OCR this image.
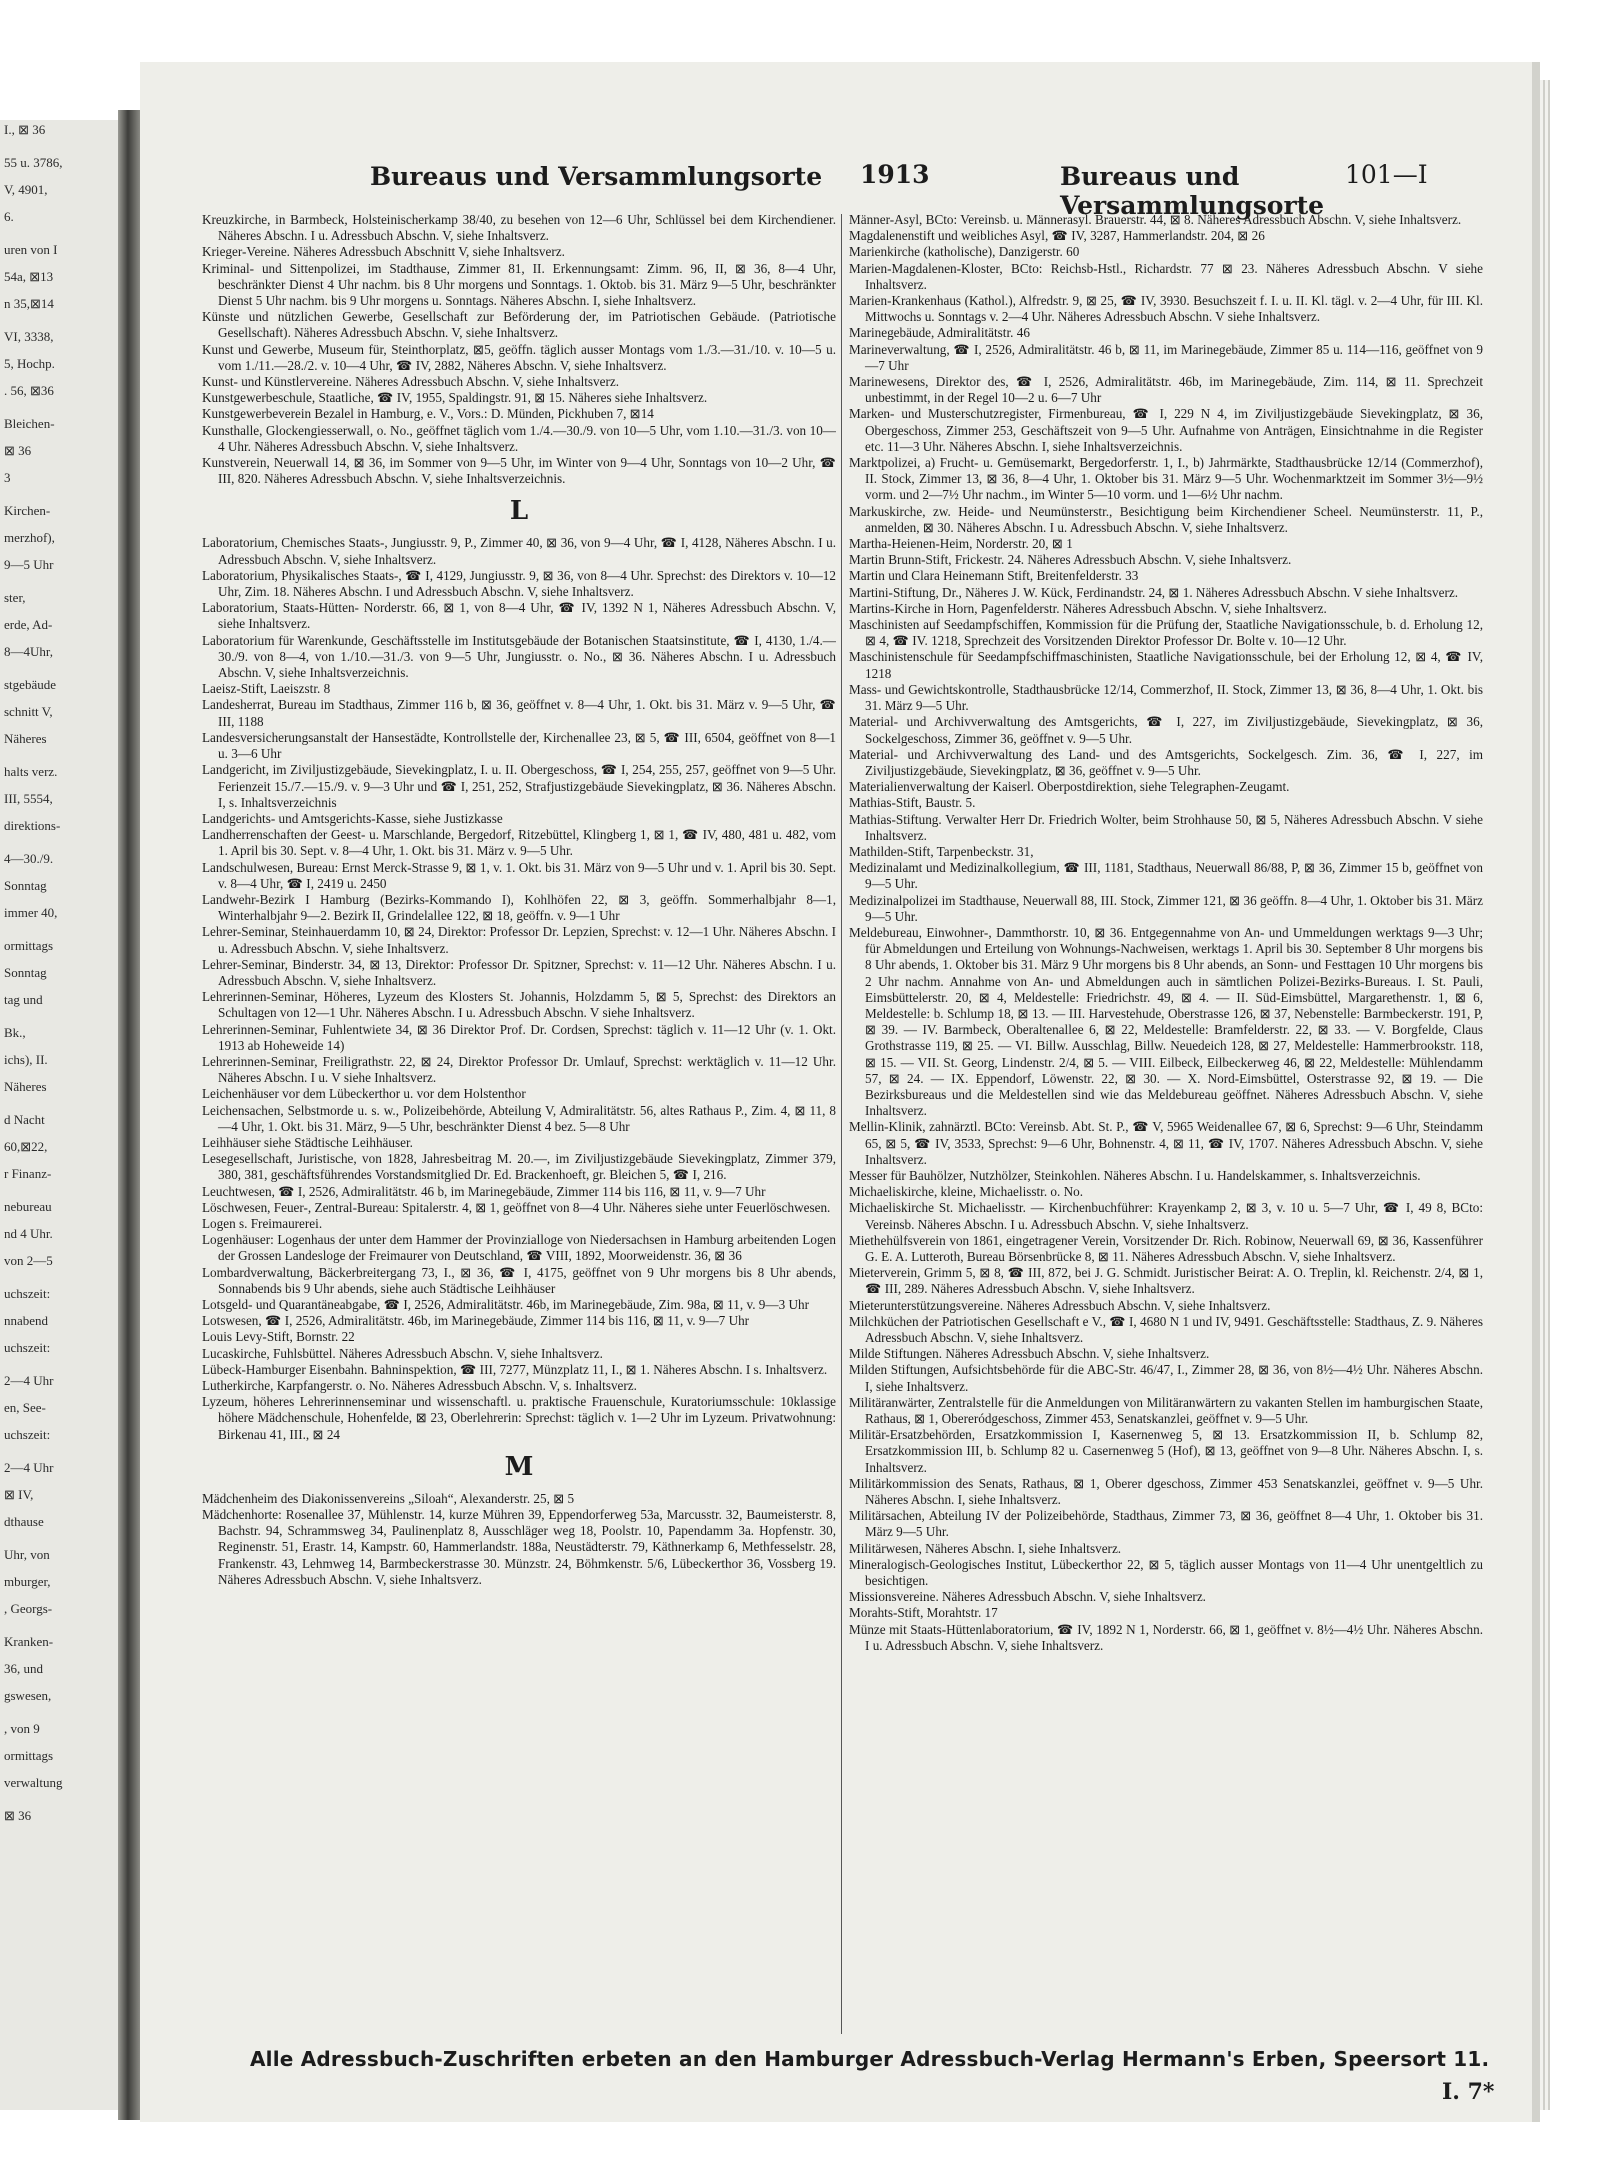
I., ⊠ 36
55 u. 3786,
V, 4901,
6.
uren von I
54a, ⊠13
n 35,⊠14
VI, 3338,
5, Hochp.
. 56, ⊠36
Bleichen-
⊠ 36
3
Kirchen-
merzhof),
9—5 Uhr
ster,
erde, Ad-
8—4Uhr,
stgebäude
schnitt V,
Näheres
halts verz.
III, 5554,
direktions-
4—30./9.
Sonntag
immer 40,
ormittags
Sonntag
tag und
Bk.,
ichs), II.
Näheres
d Nacht
60,⊠22,
r Finanz-
nebureau
nd 4 Uhr.
von 2—5
uchszeit:
nnabend
uchszeit:
2—4 Uhr
en, See-
uchszeit:
2—4 Uhr
⊠ IV,
dthause
Uhr, von
mburger,
, Georgs-
Kranken-
36, und
gswesen,
, von 9
ormittags
verwaltung
⊠ 36
Bureaus und Versammlungsorte 1913	Bureaus und Versammlungsorte
101—I
Kreuzkirche, in Barmbeck, Holsteinischerkamp 38/40, zu besehen von 12—6 Uhr, Schlüssel bei dem Kirchendiener. Näheres Abschn. I u. Adressbuch Abschn. V, siehe Inhaltsverz.
Krieger-Vereine. Näheres Adressbuch Abschnitt V, siehe Inhaltsverz.
Kriminal- und Sittenpolizei, im Stadthause, Zimmer 81, II. Erkennungsamt: Zimm. 96, II, ⊠ 36, 8—4 Uhr, beschränkter Dienst 4 Uhr nachm. bis 8 Uhr morgens und Sonntags. 1. Oktob. bis 31. März 9—5 Uhr, beschränkter Dienst 5 Uhr nachm. bis 9 Uhr morgens u. Sonntags. Näheres Abschn. I, siehe Inhaltsverz.
Künste und nützlichen Gewerbe, Gesellschaft zur Beförderung der, im Patriotischen Gebäude. (Patriotische Gesellschaft). Näheres Adressbuch Abschn. V, siehe Inhaltsverz.
Kunst und Gewerbe, Museum für, Steinthorplatz, ⊠5, geöffn. täglich ausser Montags vom 1./3.—31./10. v. 10—5 u. vom 1./11.—28./2. v. 10—4 Uhr, ☎ IV, 2882, Näheres Abschn. V, siehe Inhaltsverz.
Kunst- und Künstlervereine. Näheres Adressbuch Abschn. V, siehe Inhaltsverz.
Kunstgewerbeschule, Staatliche, ☎ IV, 1955, Spaldingstr. 91, ⊠ 15. Näheres siehe Inhaltsverz.
Kunstgewerbeverein Bezalel in Hamburg, e. V., Vors.: D. Münden, Pickhuben 7, ⊠14
Kunsthalle, Glockengiesserwall, o. No., geöffnet täglich vom 1./4.—30./9. von 10—5 Uhr, vom 1.10.—31./3. von 10—4 Uhr. Näheres Adressbuch Abschn. V, siehe Inhaltsverz.
Kunstverein, Neuerwall 14, ⊠ 36, im Sommer von 9—5 Uhr, im Winter von 9—4 Uhr, Sonntags von 10—2 Uhr, ☎ III, 820. Näheres Adressbuch Abschn. V, siehe Inhaltsverzeichnis.
L
Laboratorium, Chemisches Staats-, Jungiusstr. 9, P., Zimmer 40, ⊠ 36, von 9—4 Uhr, ☎ I, 4128, Näheres Abschn. I u. Adressbuch Abschn. V, siehe Inhaltsverz.
Laboratorium, Physikalisches Staats-, ☎ I, 4129, Jungiusstr. 9, ⊠ 36, von 8—4 Uhr. Sprechst: des Direktors v. 10—12 Uhr, Zim. 18. Näheres Abschn. I und Adressbuch Abschn. V, siehe Inhaltsverz.
Laboratorium, Staats-Hütten- Norderstr. 66, ⊠ 1, von 8—4 Uhr, ☎ IV, 1392 N 1, Näheres Adressbuch Abschn. V, siehe Inhaltsverz.
Laboratorium für Warenkunde, Geschäftsstelle im Institutsgebäude der Botanischen Staatsinstitute, ☎ I, 4130, 1./4.—30./9. von 8—4, von 1./10.—31./3. von 9—5 Uhr, Jungiusstr. o. No., ⊠ 36. Näheres Abschn. I u. Adressbuch Abschn. V, siehe Inhaltsverzeichnis.
Laeisz-Stift, Laeiszstr. 8
Landesherrat, Bureau im Stadthaus, Zimmer 116 b, ⊠ 36, geöffnet v. 8—4 Uhr, 1. Okt. bis 31. März v. 9—5 Uhr, ☎ III, 1188
Landesversicherungsanstalt der Hansestädte, Kontrollstelle der, Kirchenallee 23, ⊠ 5, ☎ III, 6504, geöffnet von 8—1 u. 3—6 Uhr
Landgericht, im Ziviljustizgebäude, Sievekingplatz, I. u. II. Obergeschoss, ☎ I, 254, 255, 257, geöffnet von 9—5 Uhr. Ferienzeit 15./7.—15./9. v. 9—3 Uhr und ☎ I, 251, 252, Strafjustizgebäude Sievekingplatz, ⊠ 36. Näheres Abschn. I, s. Inhaltsverzeichnis
Landgerichts- und Amtsgerichts-Kasse, siehe Justizkasse
Landherrenschaften der Geest- u. Marschlande, Bergedorf, Ritzebüttel, Klingberg 1, ⊠ 1, ☎ IV, 480, 481 u. 482, vom 1. April bis 30. Sept. v. 8—4 Uhr, 1. Okt. bis 31. März v. 9—5 Uhr.
Landschulwesen, Bureau: Ernst Merck-Strasse 9, ⊠ 1, v. 1. Okt. bis 31. März von 9—5 Uhr und v. 1. April bis 30. Sept. v. 8—4 Uhr, ☎ I, 2419 u. 2450
Landwehr-Bezirk I Hamburg (Bezirks-Kommando I), Kohlhöfen 22, ⊠ 3, geöffn. Sommerhalbjahr 8—1, Winterhalbjahr 9—2. Bezirk II, Grindelallee 122, ⊠ 18, geöffn. v. 9—1 Uhr
Lehrer-Seminar, Steinhauerdamm 10, ⊠ 24, Direktor: Professor Dr. Lepzien, Sprechst: v. 12—1 Uhr. Näheres Abschn. I u. Adressbuch Abschn. V, siehe Inhaltsverz.
Lehrer-Seminar, Binderstr. 34, ⊠ 13, Direktor: Professor Dr. Spitzner, Sprechst: v. 11—12 Uhr. Näheres Abschn. I u. Adressbuch Abschn. V, siehe Inhaltsverz.
Lehrerinnen-Seminar, Höheres, Lyzeum des Klosters St. Johannis, Holzdamm 5, ⊠ 5, Sprechst: des Direktors an Schultagen von 12—1 Uhr. Näheres Abschn. I u. Adressbuch Abschn. V siehe Inhaltsverz.
Lehrerinnen-Seminar, Fuhlentwiete 34, ⊠ 36 Direktor Prof. Dr. Cordsen, Sprechst: täglich v. 11—12 Uhr (v. 1. Okt. 1913 ab Hoheweide 14)
Lehrerinnen-Seminar, Freiligrathstr. 22, ⊠ 24, Direktor Professor Dr. Umlauf, Sprechst: werktäglich v. 11—12 Uhr. Näheres Abschn. I u. V siehe Inhaltsverz.
Leichenhäuser vor dem Lübeckerthor u. vor dem Holstenthor
Leichensachen, Selbstmorde u. s. w., Polizeibehörde, Abteilung V, Admiralitätstr. 56, altes Rathaus P., Zim. 4, ⊠ 11, 8—4 Uhr, 1. Okt. bis 31. März, 9—5 Uhr, beschränkter Dienst 4 bez. 5—8 Uhr
Leihhäuser siehe Städtische Leihhäuser.
Lesegesellschaft, Juristische, von 1828, Jahresbeitrag M. 20.—, im Ziviljustizgebäude Sievekingplatz, Zimmer 379, 380, 381, geschäftsführendes Vorstandsmitglied Dr. Ed. Brackenhoeft, gr. Bleichen 5, ☎ I, 216.
Leuchtwesen, ☎ I, 2526, Admiralitätstr. 46 b, im Marinegebäude, Zimmer 114 bis 116, ⊠ 11, v. 9—7 Uhr
Löschwesen, Feuer-, Zentral-Bureau: Spitalerstr. 4, ⊠ 1, geöffnet von 8—4 Uhr. Näheres siehe unter Feuerlöschwesen.
Logen s. Freimaurerei.
Logenhäuser: Logenhaus der unter dem Hammer der Provinzialloge von Niedersachsen in Hamburg arbeitenden Logen der Grossen Landesloge der Freimaurer von Deutschland, ☎ VIII, 1892, Moorweidenstr. 36, ⊠ 36
Lombardverwaltung, Bäckerbreitergang 73, I., ⊠ 36, ☎ I, 4175, geöffnet von 9 Uhr morgens bis 8 Uhr abends, Sonnabends bis 9 Uhr abends, siehe auch Städtische Leihhäuser
Lotsgeld- und Quarantäneabgabe, ☎ I, 2526, Admiralitätstr. 46b, im Marinegebäude, Zim. 98a, ⊠ 11, v. 9—3 Uhr
Lotswesen, ☎ I, 2526, Admiralitätstr. 46b, im Marinegebäude, Zimmer 114 bis 116, ⊠ 11, v. 9—7 Uhr
Louis Levy-Stift, Bornstr. 22
Lucaskirche, Fuhlsbüttel. Näheres Adressbuch Abschn. V, siehe Inhaltsverz.
Lübeck-Hamburger Eisenbahn. Bahninspektion, ☎ III, 7277, Münzplatz 11, I., ⊠ 1. Näheres Abschn. I s. Inhaltsverz.
Lutherkirche, Karpfangerstr. o. No. Näheres Adressbuch Abschn. V, s. Inhaltsverz.
Lyzeum, höheres Lehrerinnenseminar und wissenschaftl. u. praktische Frauenschule, Kuratoriumsschule: 10klassige höhere Mädchenschule, Hohenfelde, ⊠ 23, Oberlehrerin: Sprechst: täglich v. 1—2 Uhr im Lyzeum. Privatwohnung: Birkenau 41, III., ⊠ 24
M
Mädchenheim des Diakonissenvereins „Siloah“, Alexanderstr. 25, ⊠ 5
Mädchenhorte: Rosenallee 37, Mühlenstr. 14, kurze Mühren 39, Eppendorferweg 53a, Marcusstr. 32, Baumeisterstr. 8, Bachstr. 94, Schrammsweg 34, Paulinenplatz 8, Ausschläger weg 18, Poolstr. 10, Papendamm 3a. Hopfenstr. 30, Reginenstr. 51, Erastr. 14, Kampstr. 60, Hammerlandstr. 188a, Neustädterstr. 79, Käthnerkamp 6, Methfesselstr. 28, Frankenstr. 43, Lehmweg 14, Barmbeckerstrasse 30. Münzstr. 24, Böhmkenstr. 5/6, Lübeckerthor 36, Vossberg 19. Näheres Adressbuch Abschn. V, siehe Inhaltsverz.
Männer-Asyl, BCto: Vereinsb. u. Männerasyl. Brauerstr. 44, ⊠ 8. Näheres Adressbuch Abschn. V, siehe Inhaltsverz.
Magdalenenstift und weibliches Asyl, ☎ IV, 3287, Hammerlandstr. 204, ⊠ 26
Marienkirche (katholische), Danzigerstr. 60
Marien-Magdalenen-Kloster, BCto: Reichsb-Hstl., Richardstr. 77 ⊠ 23. Näheres Adressbuch Abschn. V siehe Inhaltsverz.
Marien-Krankenhaus (Kathol.), Alfredstr. 9, ⊠ 25, ☎ IV, 3930. Besuchszeit f. I. u. II. Kl. tägl. v. 2—4 Uhr, für III. Kl. Mittwochs u. Sonntags v. 2—4 Uhr. Näheres Adressbuch Abschn. V siehe Inhaltsverz.
Marinegebäude, Admiralitätstr. 46
Marineverwaltung, ☎ I, 2526, Admiralitätstr. 46 b, ⊠ 11, im Marinegebäude, Zimmer 85 u. 114—116, geöffnet von 9—7 Uhr
Marinewesens, Direktor des, ☎ I, 2526, Admiralitätstr. 46b, im Marinegebäude, Zim. 114, ⊠ 11. Sprechzeit unbestimmt, in der Regel 10—2 u. 6—7 Uhr
Marken- und Musterschutzregister, Firmenbureau, ☎ I, 229 N 4, im Ziviljustizgebäude Sievekingplatz, ⊠ 36, Obergeschoss, Zimmer 253, Geschäftszeit von 9—5 Uhr. Aufnahme von Anträgen, Einsichtnahme in die Register etc. 11—3 Uhr. Näheres Abschn. I, siehe Inhaltsverzeichnis.
Marktpolizei, a) Frucht- u. Gemüsemarkt, Bergedorferstr. 1, I., b) Jahrmärkte, Stadthausbrücke 12/14 (Commerzhof), II. Stock, Zimmer 13, ⊠ 36, 8—4 Uhr, 1. Oktober bis 31. März 9—5 Uhr. Wochenmarktzeit im Sommer 3½—9½ vorm. und 2—7½ Uhr nachm., im Winter 5—10 vorm. und 1—6½ Uhr nachm.
Markuskirche, zw. Heide- und Neumünsterstr., Besichtigung beim Kirchendiener Scheel. Neumünsterstr. 11, P., anmelden, ⊠ 30. Näheres Abschn. I u. Adressbuch Abschn. V, siehe Inhaltsverz.
Martha-Heienen-Heim, Norderstr. 20, ⊠ 1
Martin Brunn-Stift, Frickestr. 24. Näheres Adressbuch Abschn. V, siehe Inhaltsverz.
Martin und Clara Heinemann Stift, Breitenfelderstr. 33
Martini-Stiftung, Dr., Näheres J. W. Kück, Ferdinandstr. 24, ⊠ 1. Näheres Adressbuch Abschn. V siehe Inhaltsverz.
Martins-Kirche in Horn, Pagenfelderstr. Näheres Adressbuch Abschn. V, siehe Inhaltsverz.
Maschinisten auf Seedampfschiffen, Kommission für die Prüfung der, Staatliche Navigationsschule, b. d. Erholung 12, ⊠ 4, ☎ IV. 1218, Sprechzeit des Vorsitzenden Direktor Professor Dr. Bolte v. 10—12 Uhr.
Maschinistenschule für Seedampfschiffmaschinisten, Staatliche Navigationsschule, bei der Erholung 12, ⊠ 4, ☎ IV, 1218
Mass- und Gewichtskontrolle, Stadthausbrücke 12/14, Commerzhof, II. Stock, Zimmer 13, ⊠ 36, 8—4 Uhr, 1. Okt. bis 31. März 9—5 Uhr.
Material- und Archivverwaltung des Amtsgerichts, ☎ I, 227, im Ziviljustizgebäude, Sievekingplatz, ⊠ 36, Sockelgeschoss, Zimmer 36, geöffnet v. 9—5 Uhr.
Material- und Archivverwaltung des Land- und des Amtsgerichts, Sockelgesch. Zim. 36, ☎ I, 227, im Ziviljustizgebäude, Sievekingplatz, ⊠ 36, geöffnet v. 9—5 Uhr.
Materialienverwaltung der Kaiserl. Oberpostdirektion, siehe Telegraphen-Zeugamt.
Mathias-Stift, Baustr. 5.
Mathias-Stiftung. Verwalter Herr Dr. Friedrich Wolter, beim Strohhause 50, ⊠ 5, Näheres Adressbuch Abschn. V siehe Inhaltsverz.
Mathilden-Stift, Tarpenbeckstr. 31,
Medizinalamt und Medizinalkollegium, ☎ III, 1181, Stadthaus, Neuerwall 86/88, P, ⊠ 36, Zimmer 15 b, geöffnet von 9—5 Uhr.
Medizinalpolizei im Stadthause, Neuerwall 88, III. Stock, Zimmer 121, ⊠ 36 geöffn. 8—4 Uhr, 1. Oktober bis 31. März 9—5 Uhr.
Meldebureau, Einwohner-, Dammthorstr. 10, ⊠ 36. Entgegennahme von An- und Ummeldungen werktags 9—3 Uhr; für Abmeldungen und Erteilung von Wohnungs-Nachweisen, werktags 1. April bis 30. September 8 Uhr morgens bis 8 Uhr abends, 1. Oktober bis 31. März 9 Uhr morgens bis 8 Uhr abends, an Sonn- und Festtagen 10 Uhr morgens bis 2 Uhr nachm. Annahme von An- und Abmeldungen auch in sämtlichen Polizei-Bezirks-Bureaus. I. St. Pauli, Eimsbüttelerstr. 20, ⊠ 4, Meldestelle: Friedrichstr. 49, ⊠ 4. — II. Süd-Eimsbüttel, Margarethenstr. 1, ⊠ 6, Meldestelle: b. Schlump 18, ⊠ 13. — III. Harvestehude, Oberstrasse 126, ⊠ 37, Nebenstelle: Barmbeckerstr. 191, P, ⊠ 39. — IV. Barmbeck, Oberaltenallee 6, ⊠ 22, Meldestelle: Bramfelderstr. 22, ⊠ 33. — V. Borgfelde, Claus Grothstrasse 119, ⊠ 25. — VI. Billw. Ausschlag, Billw. Neuedeich 128, ⊠ 27, Meldestelle: Hammerbrookstr. 118, ⊠ 15. — VII. St. Georg, Lindenstr. 2/4, ⊠ 5. — VIII. Eilbeck, Eilbeckerweg 46, ⊠ 22, Meldestelle: Mühlendamm 57, ⊠ 24. — IX. Eppendorf, Löwenstr. 22, ⊠ 30. — X. Nord-Eimsbüttel, Osterstrasse 92, ⊠ 19. — Die Bezirksbureaus und die Meldestellen sind wie das Meldebureau geöffnet. Näheres Adressbuch Abschn. V, siehe Inhaltsverz.
Mellin-Klinik, zahnärztl. BCto: Vereinsb. Abt. St. P., ☎ V, 5965 Weidenallee 67, ⊠ 6, Sprechst: 9—6 Uhr, Steindamm 65, ⊠ 5, ☎ IV, 3533, Sprechst: 9—6 Uhr, Bohnenstr. 4, ⊠ 11, ☎ IV, 1707. Näheres Adressbuch Abschn. V, siehe Inhaltsverz.
Messer für Bauhölzer, Nutzhölzer, Steinkohlen. Näheres Abschn. I u. Handelskammer, s. Inhaltsverzeichnis.
Michaeliskirche, kleine, Michaelisstr. o. No.
Michaeliskirche St. Michaelisstr. — Kirchenbuchführer: Krayenkamp 2, ⊠ 3, v. 10 u. 5—7 Uhr, ☎ I, 49 8, BCto: Vereinsb. Näheres Abschn. I u. Adressbuch Abschn. V, siehe Inhaltsverz.
Miethehülfsverein von 1861, eingetragener Verein, Vorsitzender Dr. Rich. Robinow, Neuerwall 69, ⊠ 36, Kassenführer G. E. A. Lutteroth, Bureau Börsenbrücke 8, ⊠ 11. Näheres Adressbuch Abschn. V, siehe Inhaltsverz.
Mieterverein, Grimm 5, ⊠ 8, ☎ III, 872, bei J. G. Schmidt. Juristischer Beirat: A. O. Treplin, kl. Reichenstr. 2/4, ⊠ 1, ☎ III, 289. Näheres Adressbuch Abschn. V, siehe Inhaltsverz.
Mieterunterstützungsvereine. Näheres Adressbuch Abschn. V, siehe Inhaltsverz.
Milchküchen der Patriotischen Gesellschaft e V., ☎ I, 4680 N 1 und IV, 9491. Geschäftsstelle: Stadthaus, Z. 9. Näheres Adressbuch Abschn. V, siehe Inhaltsverz.
Milde Stiftungen. Näheres Adressbuch Abschn. V, siehe Inhaltsverz.
Milden Stiftungen, Aufsichtsbehörde für die ABC-Str. 46/47, I., Zimmer 28, ⊠ 36, von 8½—4½ Uhr. Näheres Abschn. I, siehe Inhaltsverz.
Militäranwärter, Zentralstelle für die Anmeldungen von Militäranwärtern zu vakanten Stellen im hamburgischen Staate, Rathaus, ⊠ 1, Obereródgeschoss, Zimmer 453, Senatskanzlei, geöffnet v. 9—5 Uhr.
Militär-Ersatzbehörden, Ersatzkommission I, Kasernenweg 5, ⊠ 13. Ersatzkommission II, b. Schlump 82, Ersatzkommission III, b. Schlump 82 u. Casernenweg 5 (Hof), ⊠ 13, geöffnet von 9—8 Uhr. Näheres Abschn. I, s. Inhaltsverz.
Militärkommission des Senats, Rathaus, ⊠ 1, Oberer dgeschoss, Zimmer 453 Senatskanzlei, geöffnet v. 9—5 Uhr. Näheres Abschn. I, siehe Inhaltsverz.
Militärsachen, Abteilung IV der Polizeibehörde, Stadthaus, Zimmer 73, ⊠ 36, geöffnet 8—4 Uhr, 1. Oktober bis 31. März 9—5 Uhr.
Militärwesen, Näheres Abschn. I, siehe Inhaltsverz.
Mineralogisch-Geologisches Institut, Lübeckerthor 22, ⊠ 5, täglich ausser Montags von 11—4 Uhr unentgeltlich zu besichtigen.
Missionsvereine. Näheres Adressbuch Abschn. V, siehe Inhaltsverz.
Morahts-Stift, Morahtstr. 17
Münze mit Staats-Hüttenlaboratorium, ☎ IV, 1892 N 1, Norderstr. 66, ⊠ 1, geöffnet v. 8½—4½ Uhr. Näheres Abschn. I u. Adressbuch Abschn. V, siehe Inhaltsverz.
Alle Adressbuch-Zuschriften erbeten an den Hamburger Adressbuch-Verlag Hermann's Erben, Speersort 11.
I. 7*
